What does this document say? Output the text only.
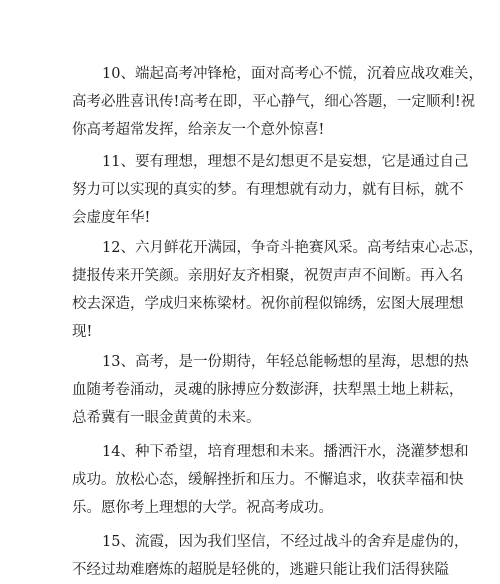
10、端起高考冲锋枪，面对高考心不慌，沉着应战攻难关，
高考必胜喜讯传!高考在即，平心静气，细心答题，一定顺利!祝
你高考超常发挥，给亲友一个意外惊喜!
11、要有理想，理想不是幻想更不是妄想，它是通过自己
努力可以实现的真实的梦。有理想就有动力，就有目标，就不
会虚度年华!
12、六月鲜花开满园，争奇斗艳赛风采。高考结束心忐忑，
捷报传来开笑颜。亲朋好友齐相聚，祝贺声声不间断。再入名
校去深造，学成归来栋梁材。祝你前程似锦绣，宏图大展理想
现!
13、高考，是一份期待，年轻总能畅想的星海，思想的热
血随考卷涌动，灵魂的脉搏应分数澎湃，扶犁黑土地上耕耘，
总希冀有一眼金黄黄的未来。
14、种下希望，培育理想和未来。播洒汗水，浇灌梦想和
成功。放松心态，缓解挫折和压力。不懈追求，收获幸福和快
乐。愿你考上理想的大学。祝高考成功。
15、流霞，因为我们坚信，不经过战斗的舍弃是虚伪的，
不经过劫难磨炼的超脱是轻佻的，逃避只能让我们活得狭隘
